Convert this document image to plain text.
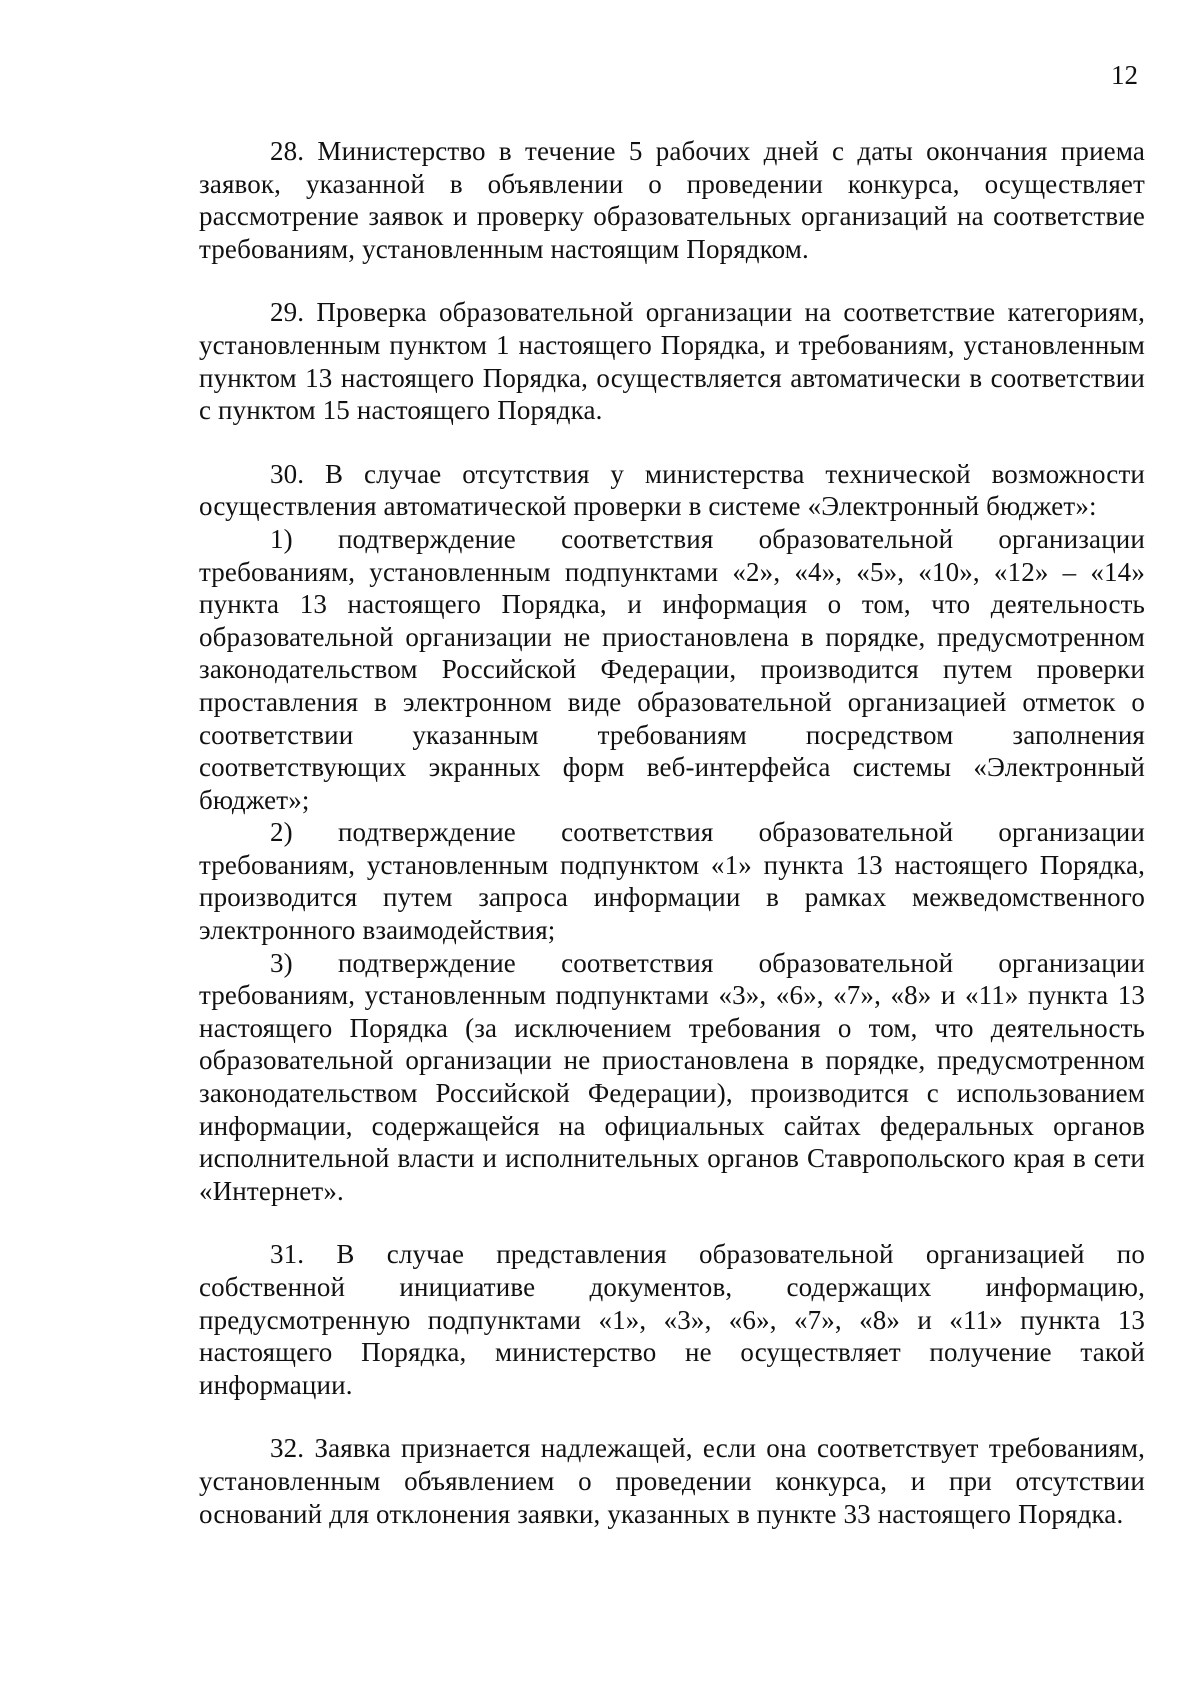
12

28. Министерство в течение 5 рабочих дней с даты окончания приема заявок, указанной в объявлении о проведении конкурса, осуществляет рассмотрение заявок и проверку образовательных организаций на соответствие требованиям, установленным настоящим Порядком.

29. Проверка образовательной организации на соответствие категориям, установленным пунктом 1 настоящего Порядка, и требованиям, установленным пунктом 13 настоящего Порядка, осуществляется автоматически в соответствии с пунктом 15 настоящего Порядка.

30. В случае отсутствия у министерства технической возможности осуществления автоматической проверки в системе «Электронный бюджет»:

1) подтверждение соответствия образовательной организации требованиям, установленным подпунктами «2», «4», «5», «10», «12» – «14» пункта 13 настоящего Порядка, и информация о том, что деятельность образовательной организации не приостановлена в порядке, предусмотренном законодательством Российской Федерации, производится путем проверки проставления в электронном виде образовательной организацией отметок о соответствии указанным требованиям посредством заполнения соответствующих экранных форм веб-интерфейса системы «Электронный бюджет»;

2) подтверждение соответствия образовательной организации требованиям, установленным подпунктом «1» пункта 13 настоящего Порядка, производится путем запроса информации в рамках межведомственного электронного взаимодействия;

3) подтверждение соответствия образовательной организации требованиям, установленным подпунктами «3», «6», «7», «8» и «11» пункта 13 настоящего Порядка (за исключением требования о том, что деятельность образовательной организации не приостановлена в порядке, предусмотренном законодательством Российской Федерации), производится с использованием информации, содержащейся на официальных сайтах федеральных органов исполнительной власти и исполнительных органов Ставропольского края в сети «Интернет».

31. В случае представления образовательной организацией по собственной инициативе документов, содержащих информацию, предусмотренную подпунктами «1», «3», «6», «7», «8» и «11» пункта 13 настоящего Порядка, министерство не осуществляет получение такой информации.

32. Заявка признается надлежащей, если она соответствует требованиям, установленным объявлением о проведении конкурса, и при отсутствии оснований для отклонения заявки, указанных в пункте 33 настоящего Порядка.
